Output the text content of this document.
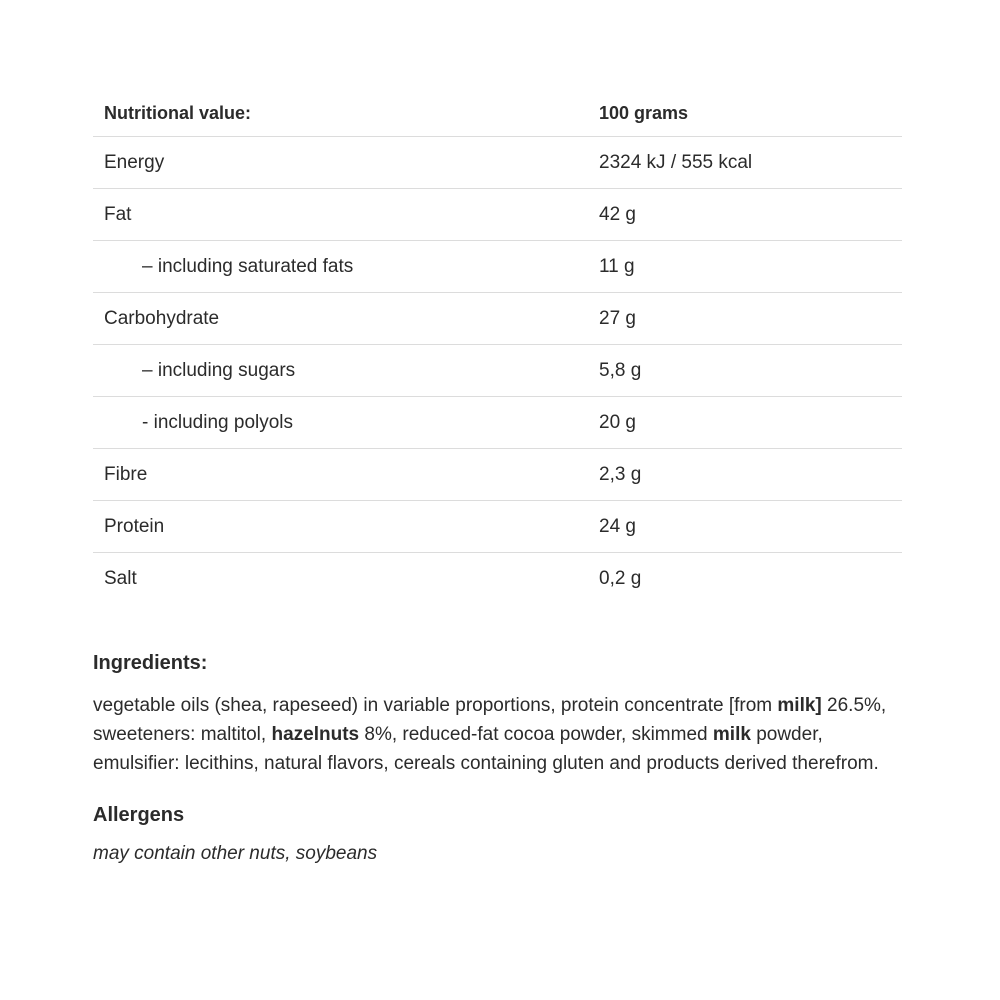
Nutritional value:	100 grams
Energy	2324 kJ / 555 kcal
Fat	42 g
– including saturated fats	11 g
Carbohydrate	27 g
– including sugars	5,8 g
- including polyols	20 g
Fibre	2,3 g
Protein	24 g
Salt	0,2 g
Ingredients:

vegetable oils (shea, rapeseed) in variable proportions, protein concentrate [from milk] 26.5%, sweeteners: maltitol, hazelnuts 8%, reduced-fat cocoa powder, skimmed milk powder, emulsifier: lecithins, natural flavors, cereals containing gluten and products derived therefrom.

Allergens

may contain other nuts, soybeans
